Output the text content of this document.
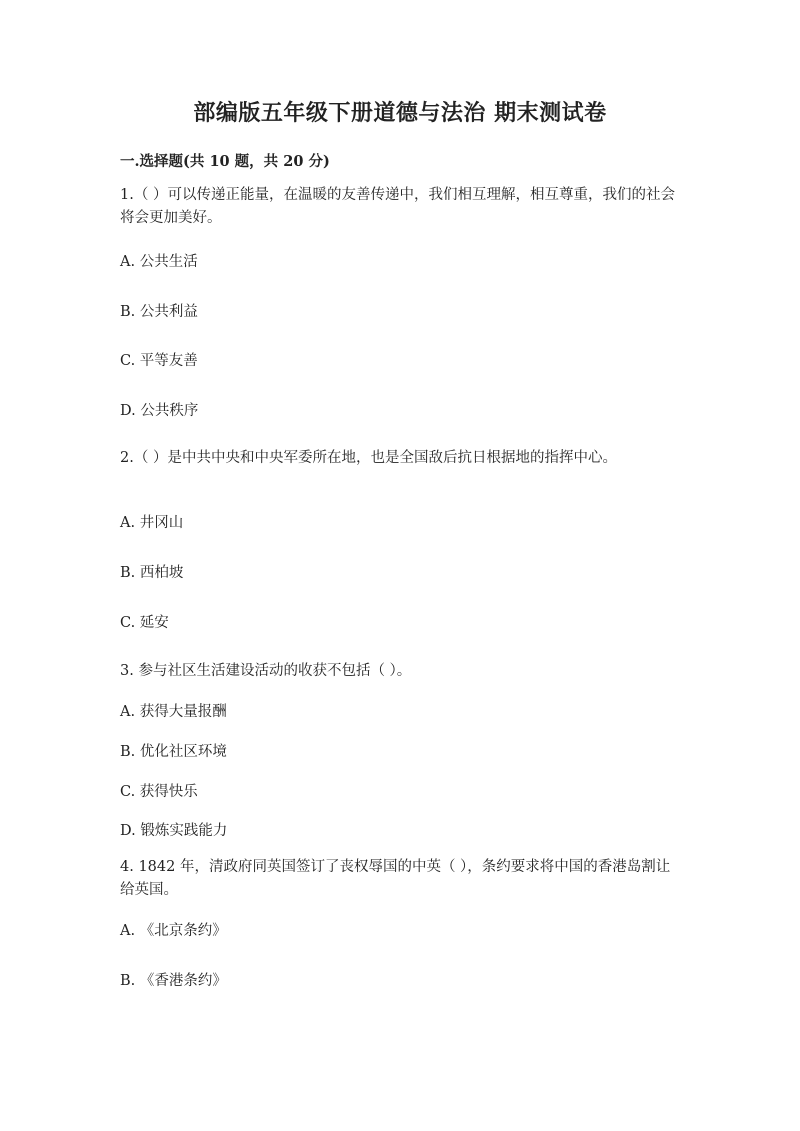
部编版五年级下册道德与法治 期末测试卷
一.选择题(共 10 题，共 20 分)
1.（ ）可以传递正能量，在温暖的友善传递中，我们相互理解，相互尊重，我们的社会将会更加美好。
A. 公共生活
B. 公共利益
C. 平等友善
D. 公共秩序
2.（ ）是中共中央和中央军委所在地，也是全国敌后抗日根据地的指挥中心。
A. 井冈山
B. 西柏坡
C. 延安
3. 参与社区生活建设活动的收获不包括（ ）。
A. 获得大量报酬
B. 优化社区环境
C. 获得快乐
D. 锻炼实践能力
4. 1842 年，清政府同英国签订了丧权辱国的中英（ ），条约要求将中国的香港岛割让给英国。
A. 《北京条约》
B. 《香港条约》
